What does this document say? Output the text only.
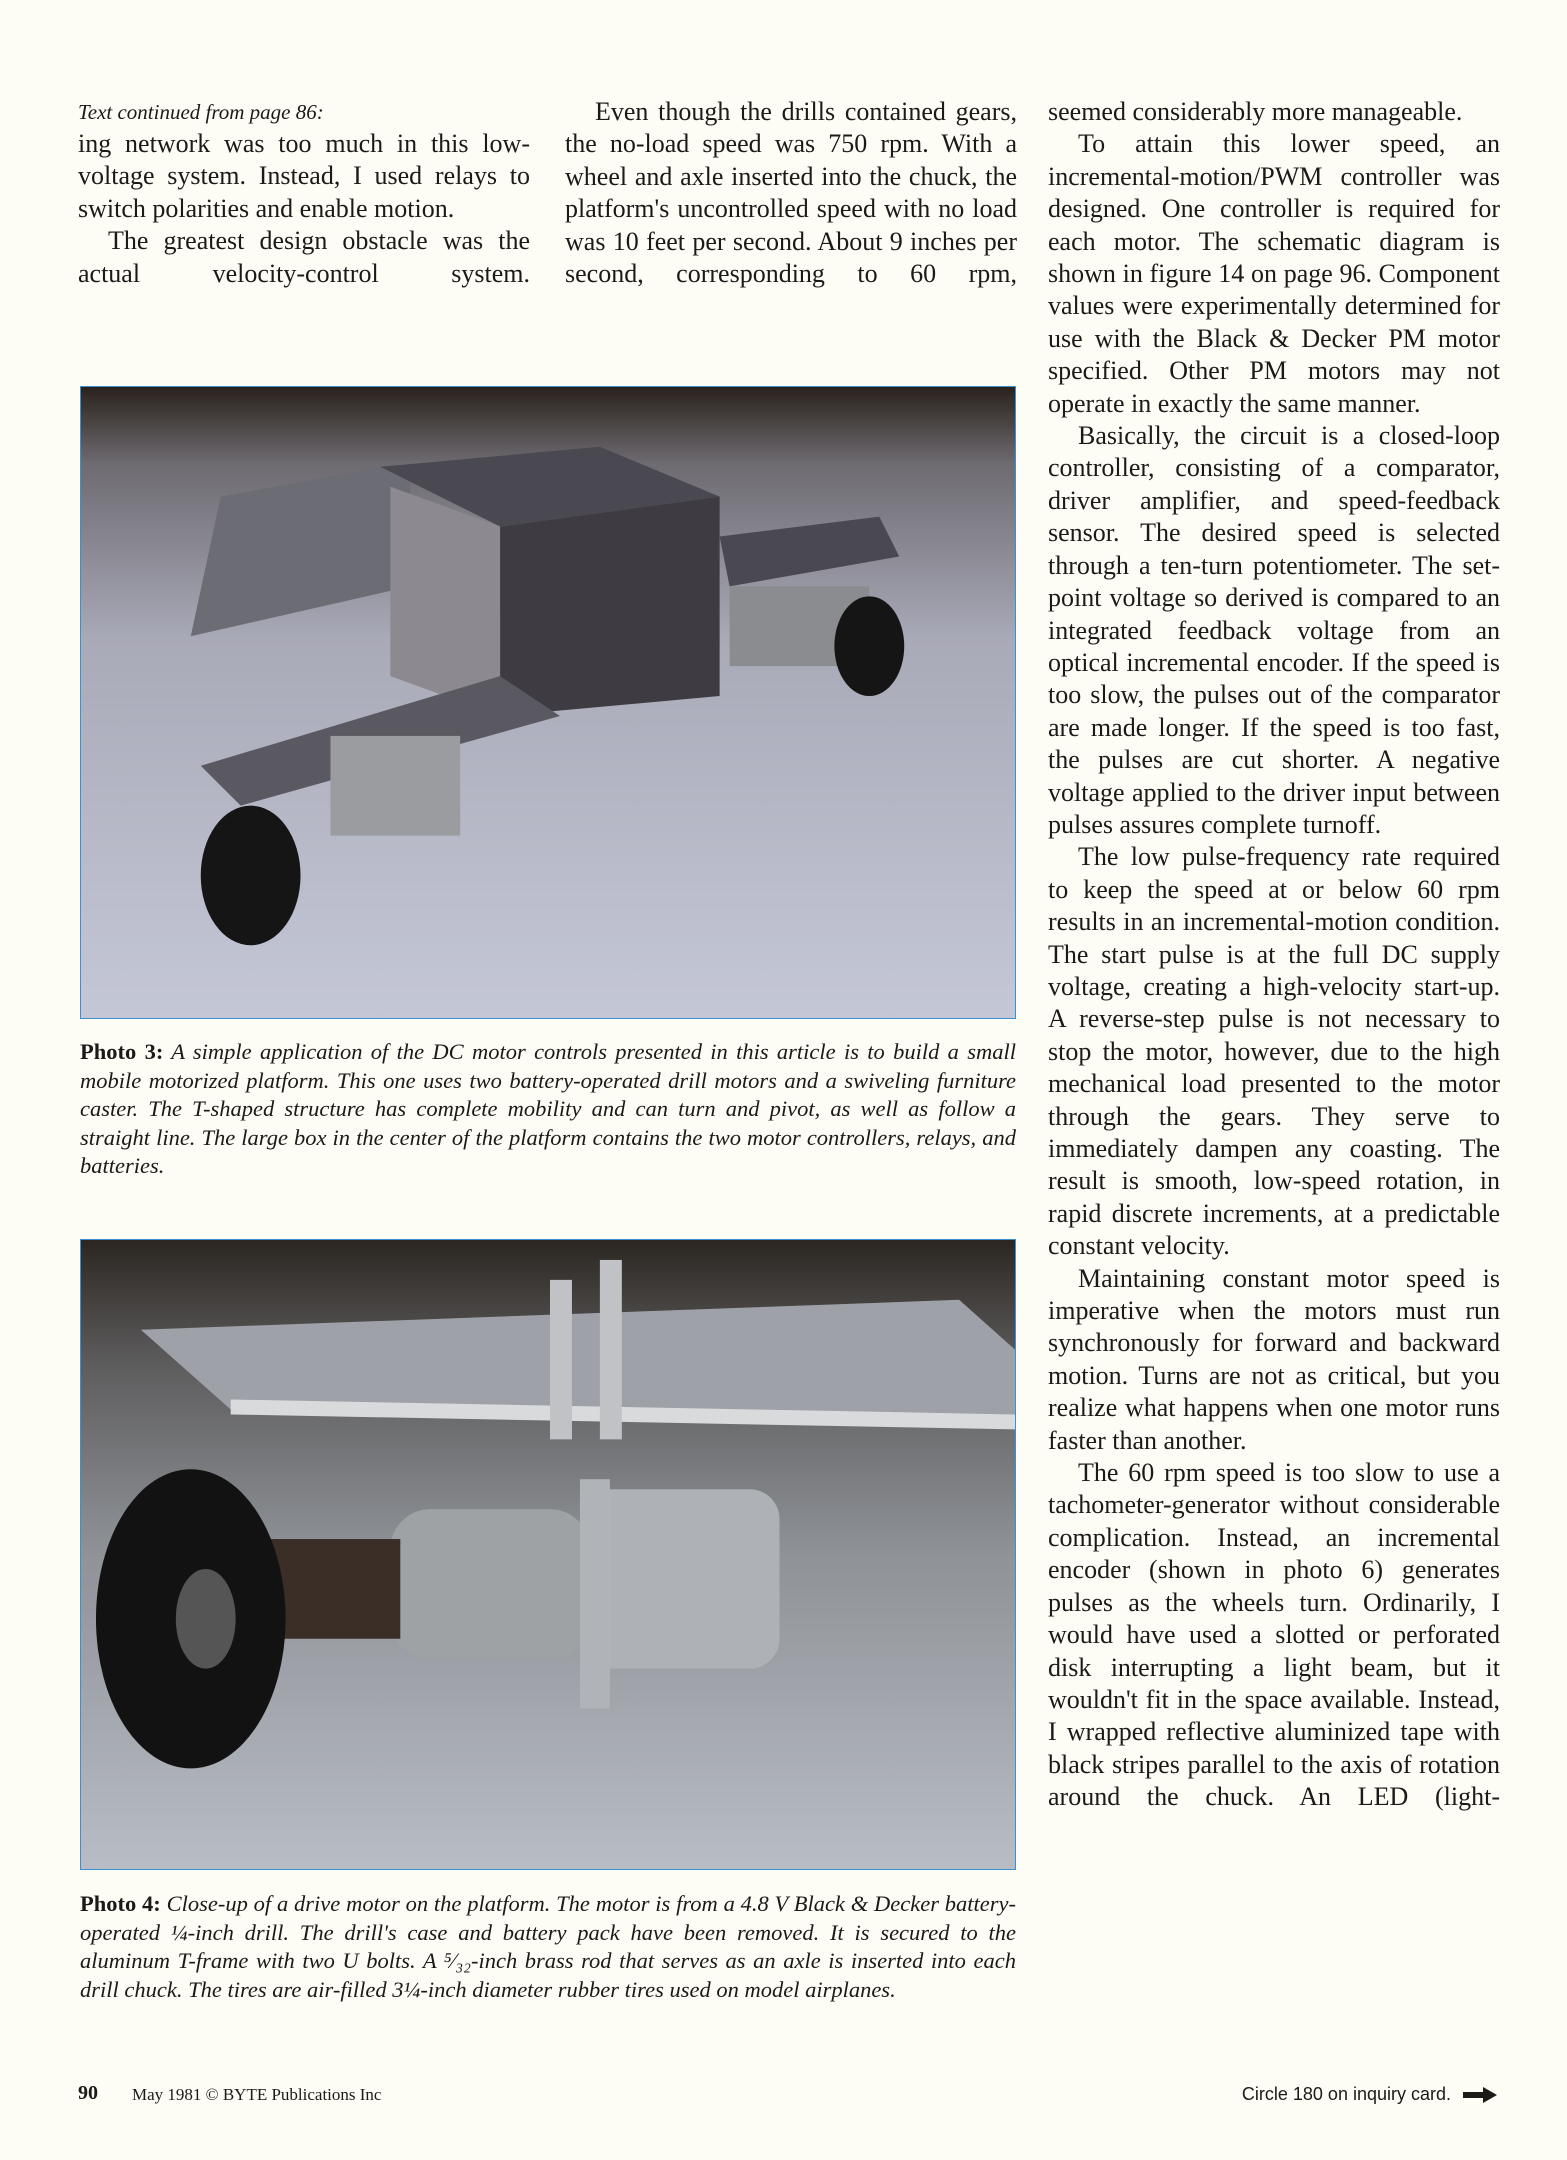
Text continued from page 86:

ing network was too much in this low-voltage system. Instead, I used relays to switch polarities and enable motion.

The greatest design obstacle was the actual velocity-control system.

Even though the drills contained gears, the no-load speed was 750 rpm. With a wheel and axle inserted into the chuck, the platform's uncontrolled speed with no load was 10 feet per second. About 9 inches per second, corresponding to 60 rpm,

seemed considerably more manageable.

To attain this lower speed, an incremental-motion/PWM controller was designed. One controller is required for each motor. The schematic diagram is shown in figure 14 on page 96. Component values were experimentally determined for use with the Black & Decker PM motor specified. Other PM motors may not operate in exactly the same manner.

Basically, the circuit is a closed-loop controller, consisting of a comparator, driver amplifier, and speed-feedback sensor. The desired speed is selected through a ten-turn potentiometer. The set-point voltage so derived is compared to an integrated feedback voltage from an optical incremental encoder. If the speed is too slow, the pulses out of the comparator are made longer. If the speed is too fast, the pulses are cut shorter. A negative voltage applied to the driver input between pulses assures complete turnoff.

The low pulse-frequency rate required to keep the speed at or below 60 rpm results in an incremental-motion condition. The start pulse is at the full DC supply voltage, creating a high-velocity start-up. A reverse-step pulse is not necessary to stop the motor, however, due to the high mechanical load presented to the motor through the gears. They serve to immediately dampen any coasting. The result is smooth, low-speed rotation, in rapid discrete increments, at a predictable constant velocity.

Maintaining constant motor speed is imperative when the motors must run synchronously for forward and backward motion. Turns are not as critical, but you realize what happens when one motor runs faster than another.

The 60 rpm speed is too slow to use a tachometer-generator without considerable complication. Instead, an incremental encoder (shown in photo 6) generates pulses as the wheels turn. Ordinarily, I would have used a slotted or perforated disk interrupting a light beam, but it wouldn't fit in the space available. Instead, I wrapped reflective aluminized tape with black stripes parallel to the axis of rotation around the chuck. An LED (light-

Photo 3: A simple application of the DC motor controls presented in this article is to build a small mobile motorized platform. This one uses two battery-operated drill motors and a swiveling furniture caster. The T-shaped structure has complete mobility and can turn and pivot, as well as follow a straight line. The large box in the center of the platform contains the two motor controllers, relays, and batteries.
Photo 4: Close-up of a drive motor on the platform. The motor is from a 4.8 V Black & Decker battery-operated ¼-inch drill. The drill's case and battery pack have been removed. It is secured to the aluminum T-frame with two U bolts. A ⁵⁄₃₂-inch brass rod that serves as an axle is inserted into each drill chuck. The tires are air-filled 3¼-inch diameter rubber tires used on model airplanes.
90 May 1981 © BYTE Publications Inc	Circle 180 on inquiry card.
